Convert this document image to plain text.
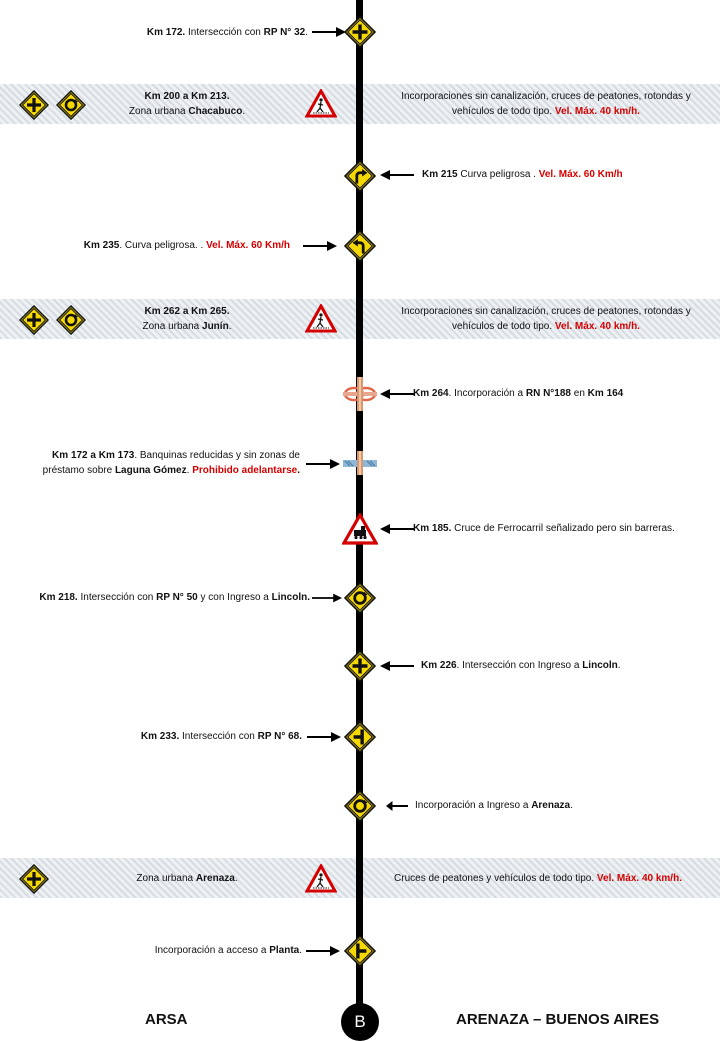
Km 172. Intersección con RP N° 32.
Km 200 a Km 213.
Zona urbana Chacabuco.
Incorporaciones sin canalización, cruces de peatones, rotondas y
vehículos de todo tipo. Vel. Máx. 40 km/h.
Km 215 Curva peligrosa . Vel. Máx. 60 Km/h
Km 235. Curva peligrosa. . Vel. Máx. 60 Km/h
Km 262 a Km 265.
Zona urbana Junín.
Incorporaciones sin canalización, cruces de peatones, rotondas y
vehículos de todo tipo. Vel. Máx. 40 km/h.
Km 264. Incorporación a RN N°188 en Km 164
Km 172 a Km 173. Banquinas reducidas y sin zonas de
préstamo sobre Laguna Gómez. Prohibido adelantarse.
Km 185. Cruce de Ferrocarril señalizado pero sin barreras.
Km 218. Intersección con RP N° 50 y con Ingreso a Lincoln.
Km 226. Intersección con Ingreso a Lincoln.
Km 233. Intersección con RP N° 68.
Incorporación a Ingreso a Arenaza.
Zona urbana Arenaza.	Cruces de peatones y vehículos de todo tipo. Vel. Máx. 40 km/h.
Incorporación a acceso a Planta.
ARSA	B	ARENAZA – BUENOS AIRES
